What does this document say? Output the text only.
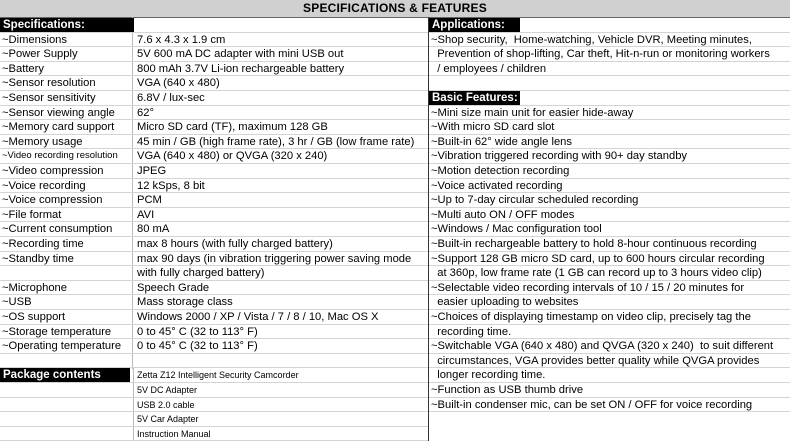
SPECIFICATIONS & FEATURES
Specifications:
~Dimensions	7.6 x 4.3 x 1.9 cm
~Power Supply	5V 600 mA DC adapter with mini USB out
~Battery	800 mAh 3.7V Li-ion rechargeable battery
~Sensor resolution	VGA (640 x 480)
~Sensor sensitivity	6.8V / lux-sec
~Sensor viewing angle	62°
~Memory card support	Micro SD card (TF), maximum 128 GB
~Memory usage	45 min / GB (high frame rate), 3 hr / GB (low frame rate)
~Video recording resolution	VGA (640 x 480) or QVGA (320 x 240)
~Video compression	JPEG
~Voice recording	12 kSps, 8 bit
~Voice compression	PCM
~File format	AVI
~Current consumption	80 mA
~Recording time	max 8 hours (with fully charged battery)
~Standby time	max 90 days (in vibration triggering power saving mode
with fully charged battery)
~Microphone	Speech Grade
~USB	Mass storage class
~OS support	Windows 2000 / XP / Vista / 7 / 8 / 10, Mac OS X
~Storage temperature	0 to 45° C (32 to 113° F)
~Operating temperature	0 to 45° C (32 to 113° F)
Package contents	Zetta Z12 Intelligent Security Camcorder
5V DC Adapter
USB 2.0 cable
5V Car Adapter
Instruction Manual
Applications:
~Shop security,  Home-watching, Vehicle DVR, Meeting minutes,
Prevention of shop-lifting, Car theft, Hit-n-run or monitoring workers
/ employees / children
Basic Features:
~Mini size main unit for easier hide-away
~With micro SD card slot
~Built-in 62° wide angle lens
~Vibration triggered recording with 90+ day standby
~Motion detection recording
~Voice activated recording
~Up to 7-day circular scheduled recording
~Multi auto ON / OFF modes
~Windows / Mac configuration tool
~Built-in rechargeable battery to hold 8-hour continuous recording
~Support 128 GB micro SD card, up to 600 hours circular recording
at 360p, low frame rate (1 GB can record up to 3 hours video clip)
~Selectable video recording intervals of 10 / 15 / 20 minutes for
easier uploading to websites
~Choices of displaying timestamp on video clip, precisely tag the
recording time.
~Switchable VGA (640 x 480) and QVGA (320 x 240)  to suit different
circumstances, VGA provides better quality while QVGA provides
longer recording time.
~Function as USB thumb drive
~Built-in condenser mic, can be set ON / OFF for voice recording
